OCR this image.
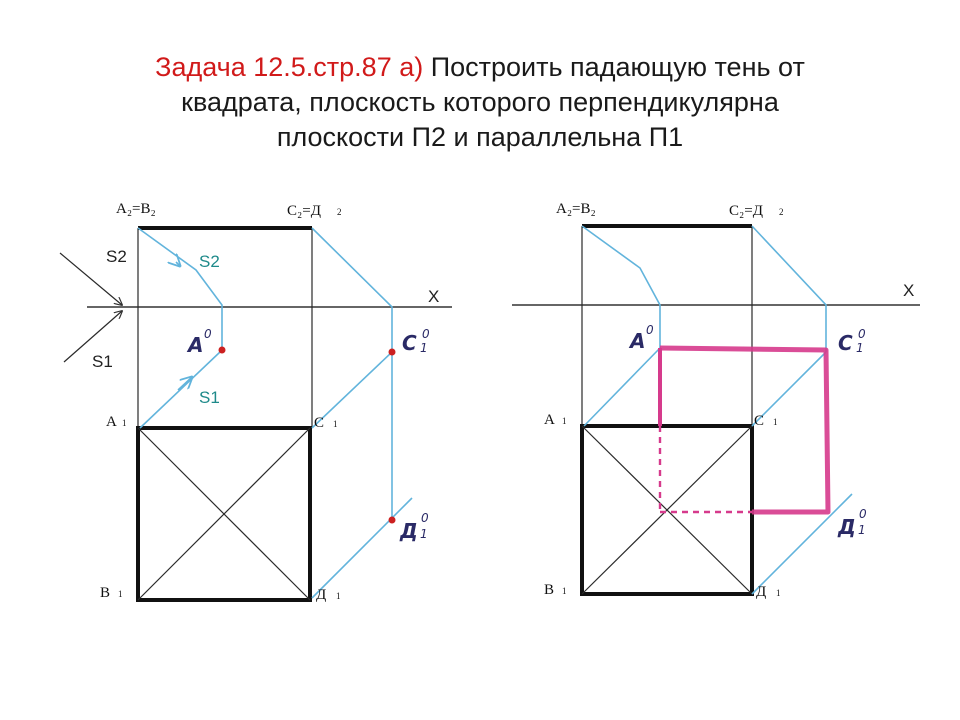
Задача 12.5.стр.87 а) Построить падающую тень от
квадрата, плоскость которого перпендикулярна
плоскости П2 и параллельна П1
А₂=В₂	С₂=Д 2
А 1	С 1
В 1	Д 1
Х
S2
S1
S2
S1
А 0	С 1
0
Д 1
0
А₂=В₂	С₂=Д 2
А 1	С 1
В 1	Д 1
Х
А 0
С 1
0
Д 1
0
